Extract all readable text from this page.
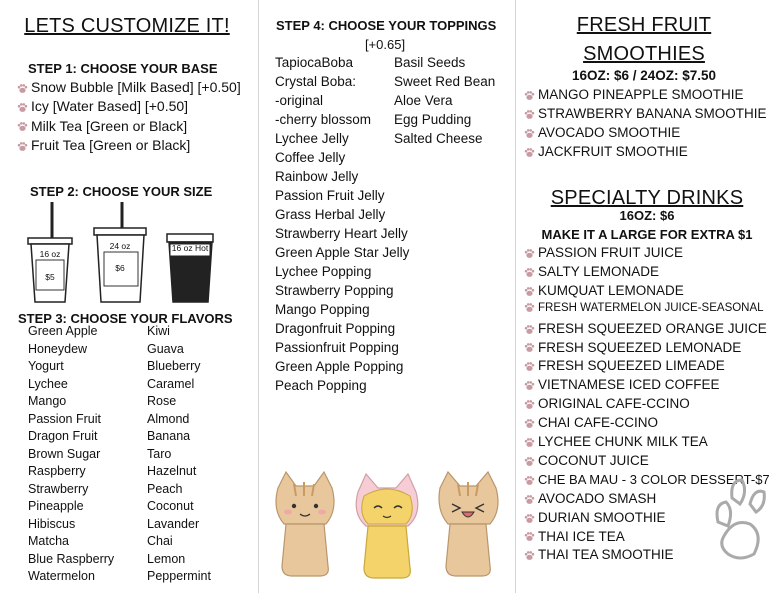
LETS CUSTOMIZE IT!
STEP 1: CHOOSE YOUR BASE
Snow Bubble [Milk Based] [+0.50]
Icy [Water Based] [+0.50]
Milk Tea [Green or Black]
Fruit Tea [Green or Black]
STEP 2: CHOOSE YOUR SIZE
16 oz
$5
24 oz
$6
16 oz Hot
STEP 3: CHOOSE YOUR FLAVORS
Green Apple
Honeydew
Yogurt
Lychee
Mango
Passion Fruit
Dragon Fruit
Brown Sugar
Raspberry
Strawberry
Pineapple
Hibiscus
Matcha
Blue Raspberry
Watermelon
Kiwi
Guava
Blueberry
Caramel
Rose
Almond
Banana
Taro
Hazelnut
Peach
Coconut
Lavander
Chai
Lemon
Peppermint
STEP 4: CHOOSE YOUR TOPPINGS
[+0.65]
TapiocaBoba
Crystal Boba:
-original
-cherry blossom
Lychee Jelly
Coffee Jelly
Rainbow Jelly
Passion Fruit Jelly
Grass Herbal Jelly
Strawberry Heart Jelly
Green Apple Star Jelly
Lychee Popping
Strawberry Popping
Mango Popping
Dragonfruit Popping
Passionfruit Popping
Green Apple Popping
Peach Popping
Basil Seeds
Sweet Red Bean
Aloe Vera
Egg Pudding
Salted Cheese
FRESH FRUIT
SMOOTHIES
16OZ: $6 / 24OZ: $7.50
MANGO PINEAPPLE SMOOTHIE
STRAWBERRY BANANA SMOOTHIE
AVOCADO SMOOTHIE
JACKFRUIT SMOOTHIE
SPECIALTY DRINKS
16OZ: $6
MAKE IT A LARGE FOR EXTRA $1
PASSION FRUIT JUICE
SALTY LEMONADE
KUMQUAT LEMONADE
FRESH WATERMELON JUICE-SEASONAL
FRESH SQUEEZED ORANGE JUICE
FRESH SQUEEZED LEMONADE
FRESH SQUEEZED LIMEADE
VIETNAMESE ICED COFFEE
ORIGINAL CAFE-CCINO
CHAI CAFE-CCINO
LYCHEE CHUNK MILK TEA
COCONUT JUICE
CHE BA MAU - 3 COLOR DESSERT-$7
AVOCADO SMASH
DURIAN SMOOTHIE
THAI ICE TEA
THAI TEA SMOOTHIE
